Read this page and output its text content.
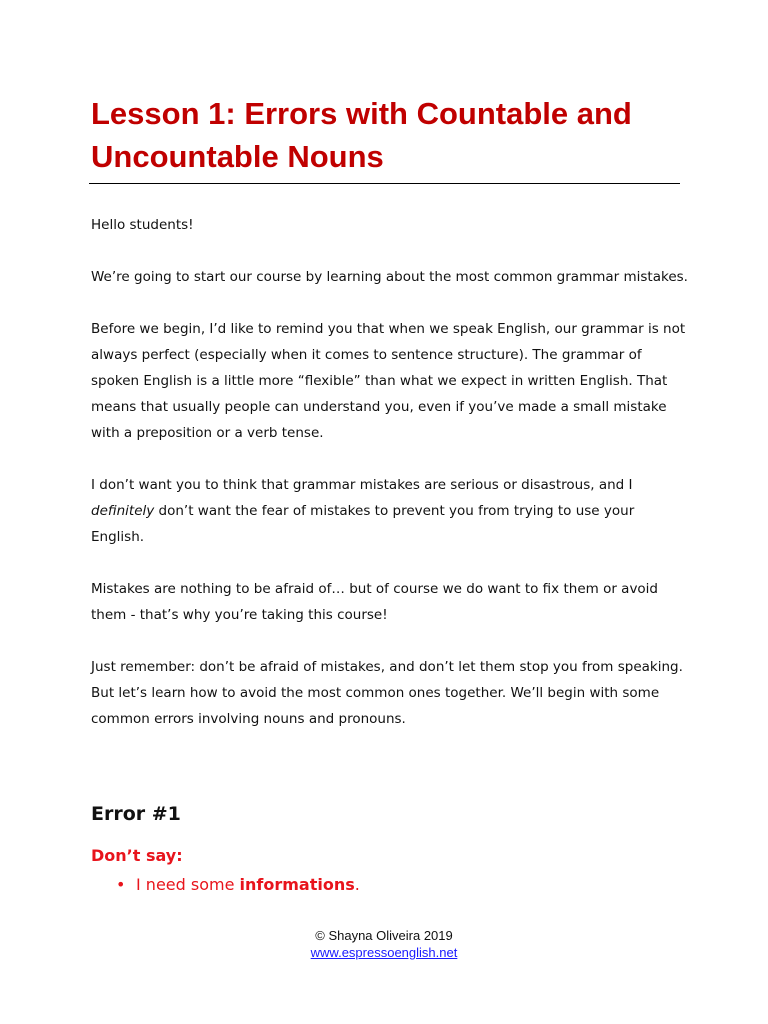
Lesson 1: Errors with Countable and Uncountable Nouns

Hello students!

We’re going to start our course by learning about the most common grammar mistakes.

Before we begin, I’d like to remind you that when we speak English, our grammar is not always perfect (especially when it comes to sentence structure). The grammar of spoken English is a little more “flexible” than what we expect in written English. That means that usually people can understand you, even if you’ve made a small mistake with a preposition or a verb tense.

I don’t want you to think that grammar mistakes are serious or disastrous, and I definitely don’t want the fear of mistakes to prevent you from trying to use your English.

Mistakes are nothing to be afraid of… but of course we do want to fix them or avoid them - that’s why you’re taking this course!

Just remember: don’t be afraid of mistakes, and don’t let them stop you from speaking. But let’s learn how to avoid the most common ones together. We’ll begin with some common errors involving nouns and pronouns.

Error #1
Don’t say:
• I need some informations.
© Shayna Oliveira 2019
www.espressoenglish.net
